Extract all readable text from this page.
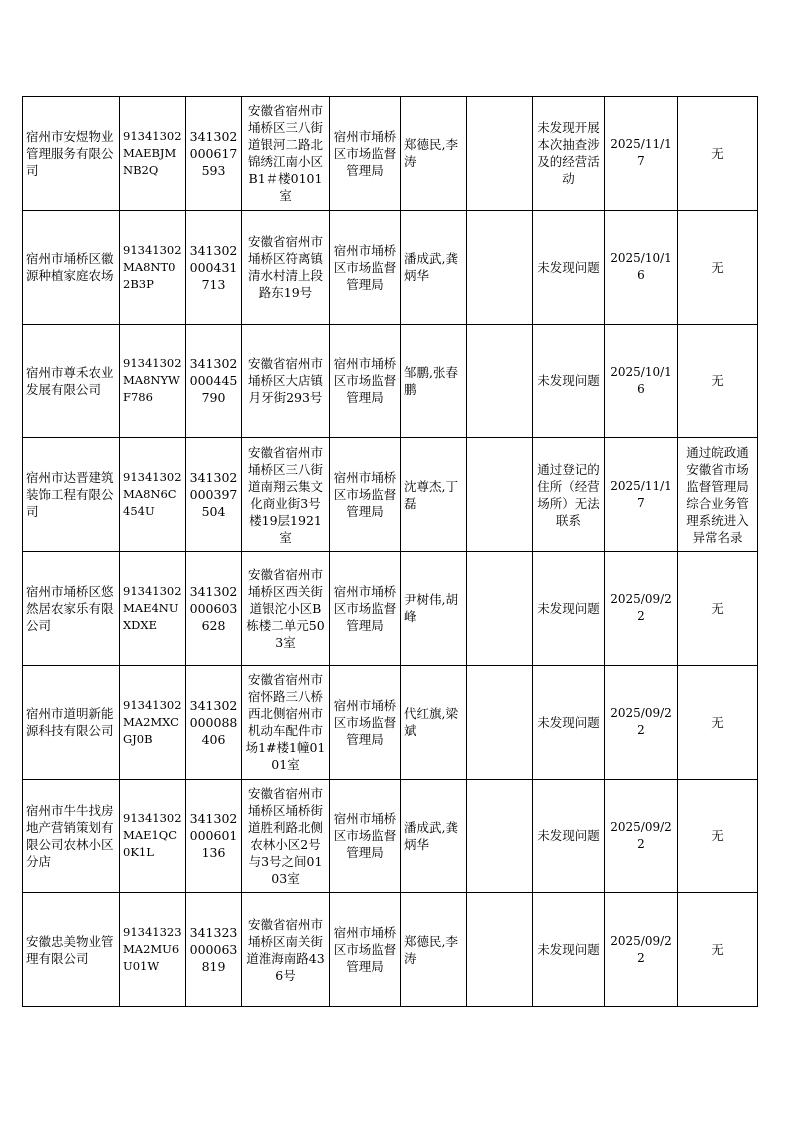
宿州市安煜物业管理服务有限公司	91341302MAEBJMNB2Q	341302000617593	安徽省宿州市埇桥区三八街道银河二路北锦绣江南小区B1＃楼0101室	宿州市埇桥区市场监督管理局	郑德民,李涛		未发现开展本次抽查涉及的经营活动	2025/11/17	无
宿州市埇桥区徽源种植家庭农场	91341302MA8NT02B3P	341302000431713	安徽省宿州市埇桥区符离镇清水村清上段路东19号	宿州市埇桥区市场监督管理局	潘成武,龚炳华		未发现问题	2025/10/16	无
宿州市尊禾农业发展有限公司	91341302MA8NYWF786	341302000445790	安徽省宿州市埇桥区大店镇月牙街293号	宿州市埇桥区市场监督管理局	邹鹏,张春鹏		未发现问题	2025/10/16	无
宿州市达晋建筑装饰工程有限公司	91341302MA8N6C454U	341302000397504	安徽省宿州市埇桥区三八街道南翔云集文化商业街3号楼19层1921室	宿州市埇桥区市场监督管理局	沈尊杰,丁磊		通过登记的住所（经营场所）无法联系	2025/11/17	通过皖政通安徽省市场监督管理局综合业务管理系统进入异常名录
宿州市埇桥区悠然居农家乐有限公司	91341302MAE4NUXDXE	341302000603628	安徽省宿州市埇桥区西关街道银沱小区B栋楼二单元503室	宿州市埇桥区市场监督管理局	尹树伟,胡峰		未发现问题	2025/09/22	无
宿州市道明新能源科技有限公司	91341302MA2MXCGJ0B	341302000088406	安徽省宿州市宿怀路三八桥西北侧宿州市机动车配件市场1#楼1幢0101室	宿州市埇桥区市场监督管理局	代红旗,梁斌		未发现问题	2025/09/22	无
宿州市牛牛找房地产营销策划有限公司农林小区分店	91341302MAE1QC0K1L	341302000601136	安徽省宿州市埇桥区埇桥街道胜利路北侧农林小区2号与3号之间0103室	宿州市埇桥区市场监督管理局	潘成武,龚炳华		未发现问题	2025/09/22	无
安徽忠美物业管理有限公司	91341323MA2MU6U01W	341323000063819	安徽省宿州市埇桥区南关街道淮海南路436号	宿州市埇桥区市场监督管理局	郑德民,李涛		未发现问题	2025/09/22	无
